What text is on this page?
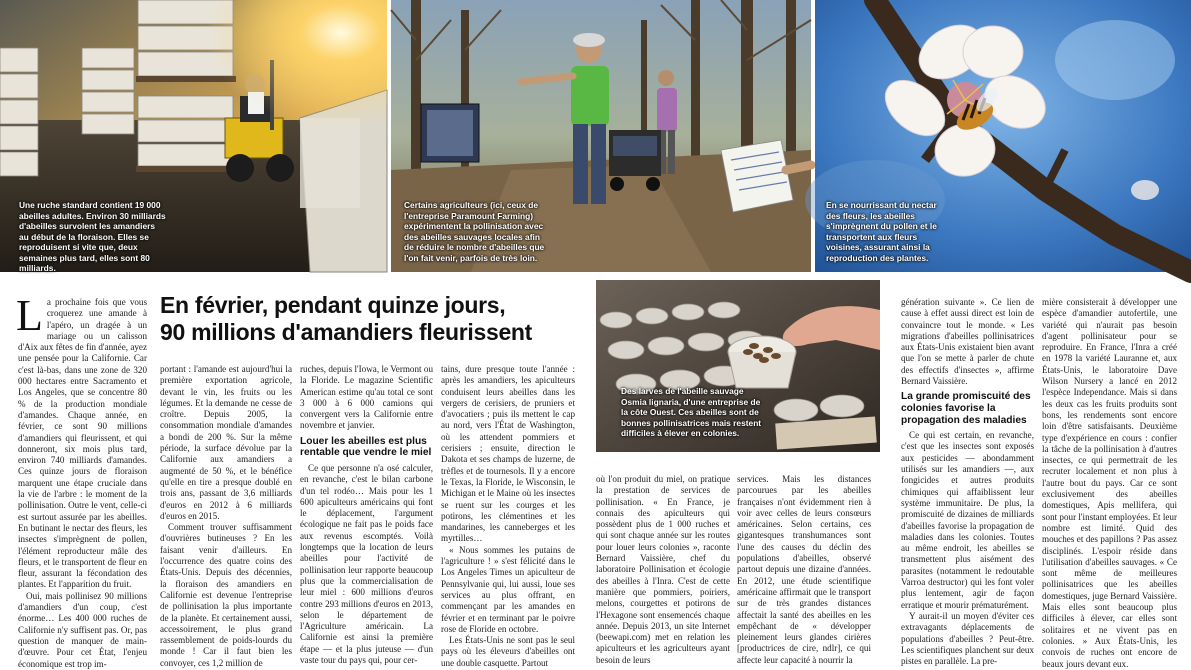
Une ruche standard contient 19 000 abeilles adultes. Environ 30 milliards d'abeilles survolent les amandiers au début de la floraison. Elles se reproduisent si vite que, deux semaines plus tard, elles sont 80 milliards.
Certains agriculteurs (ici, ceux de l'entreprise Paramount Farming) expérimentent la pollinisation avec des abeilles sauvages locales afin de réduire le nombre d'abeilles que l'on fait venir, parfois de très loin.
En se nourrissant du nectar des fleurs, les abeilles s'imprègnent du pollen et le transportent aux fleurs voisines, assurant ainsi la reproduction des plantes.
En février, pendant quinze jours,
90 millions d'amandiers fleurissent

La prochaine fois que vous croquerez une amande à l'apéro, un dragée à un mariage ou un calisson d'Aix aux fêtes de fin d'année, ayez une pensée pour la Californie. Car c'est là-bas, dans une zone de 320 000 hectares entre Sacramento et Los Angeles, que se concentre 80 % de la production mondiale d'amandes. Chaque année, en février, ce sont 90 millions d'amandiers qui fleurissent, et qui donneront, six mois plus tard, environ 740 milliards d'amandes. Ces quinze jours de floraison marquent une étape cruciale dans la vie de l'arbre : le moment de la pollinisation. Outre le vent, celle-ci est surtout assurée par les abeilles. En butinant le nectar des fleurs, les insectes s'imprègnent de pollen, l'élément reproducteur mâle des fleurs, et le transportent de fleur en fleur, assurant la fécondation des plantes. Et l'apparition du fruit.

Oui, mais pollinisez 90 millions d'amandiers d'un coup, c'est énorme… Les 400 000 ruches de Californie n'y suffisent pas. Or, pas question de manquer de main-d'œuvre. Pour cet État, l'enjeu économique est trop im-

portant : l'amande est aujourd'hui la première exportation agricole, devant le vin, les fruits ou les légumes. Et la demande ne cesse de croître. Depuis 2005, la consommation mondiale d'amandes a bondi de 200 %. Sur la même période, la surface dévolue par la Californie aux amandiers a augmenté de 50 %, et le bénéfice qu'elle en tire a presque doublé en trois ans, passant de 3,6 milliards d'euros en 2012 à 6 milliards d'euros en 2015.

Comment trouver suffisamment d'ouvrières butineuses ? En les faisant venir d'ailleurs. En l'occurrence des quatre coins des États-Unis. Depuis des décennies, la floraison des amandiers en Californie est devenue l'entreprise de pollinisation la plus importante de la planète. Et certainement aussi, accessoirement, le plus grand rassemblement de poids-lourds du monde ! Car il faut bien les convoyer, ces 1,2 million de

ruches, depuis l'Iowa, le Vermont ou la Floride. Le magazine Scientific American estime qu'au total ce sont 3 000 à 6 000 camions qui convergent vers la Californie entre novembre et janvier.

Louer les abeilles est plus rentable que vendre le miel

Ce que personne n'a osé calculer, en revanche, c'est le bilan carbone d'un tel rodéo… Mais pour les 1 600 apiculteurs américains qui font le déplacement, l'argument écologique ne fait pas le poids face aux revenus escomptés. Voilà longtemps que la location de leurs abeilles pour l'activité de pollinisation leur rapporte beaucoup plus que la commercialisation de leur miel : 600 millions d'euros contre 293 millions d'euros en 2013, selon le département de l'Agriculture américain. La Californie est ainsi la première étape — et la plus juteuse — d'un vaste tour du pays qui, pour cer-

tains, dure presque toute l'année : après les amandiers, les apiculteurs conduisent leurs abeilles dans les vergers de cerisiers, de pruniers et d'avocatiers ; puis ils mettent le cap au nord, vers l'État de Washington, où les attendent pommiers et cerisiers ; ensuite, direction le Dakota et ses champs de luzerne, de trèfles et de tournesols. Il y a encore le Texas, la Floride, le Wisconsin, le Michigan et le Maine où les insectes se ruent sur les courges et les potirons, les clémentines et les mandarines, les canneberges et les myrtilles…

« Nous sommes les putains de l'agriculture ! » s'est félicité dans le Los Angeles Times un apiculteur de Pennsylvanie qui, lui aussi, loue ses services au plus offrant, en commençant par les amandes en février et en terminant par le poivre rose de Floride en octobre.

Les États-Unis ne sont pas le seul pays où les éleveurs d'abeilles ont une double casquette. Partout

Des larves de l'abeille sauvage Osmia lignaria, d'une entreprise de la côte Ouest. Ces abeilles sont de bonnes pollinisatrices mais restent difficiles à élever en colonies.

où l'on produit du miel, on pratique la prestation de services de pollinisation. « En France, je connais des apiculteurs qui possèdent plus de 1 000 ruches et qui sont chaque année sur les routes pour louer leurs colonies », raconte Bernard Vaissière, chef du laboratoire Pollinisation et écologie des abeilles à l'Inra. C'est de cette manière que pommiers, poiriers, melons, courgettes et potirons de l'Hexagone sont ensemencés chaque année. Depuis 2013, un site Internet (beewapi.com) met en relation les apiculteurs et les agriculteurs ayant besoin de leurs

services. Mais les distances parcourues par les abeilles françaises n'ont évidemment rien à voir avec celles de leurs consœurs américaines. Selon certains, ces gigantesques transhumances sont l'une des causes du déclin des populations d'abeilles, observé partout depuis une dizaine d'années. En 2012, une étude scientifique américaine affirmait que le transport sur de très grandes distances affectait la santé des abeilles en les empêchant de « développer pleinement leurs glandes cirières [productrices de cire, ndlr], ce qui affecte leur capacité à nourrir la

génération suivante ». Ce lien de cause à effet aussi direct est loin de convaincre tout le monde. « Les migrations d'abeilles pollinisatrices aux États-Unis existaient bien avant que l'on se mette à parler de chute des effectifs d'insectes », affirme Bernard Vaissière.

La grande promiscuité des colonies favorise la propagation des maladies

Ce qui est certain, en revanche, c'est que les insectes sont exposés aux pesticides — abondamment utilisés sur les amandiers —, aux fongicides et autres produits chimiques qui affaiblissent leur système immunitaire. De plus, la promiscuité de dizaines de milliards d'abeilles favorise la propagation de maladies dans les colonies. Toutes au même endroit, les abeilles se transmettent plus aisément des parasites (notamment le redoutable Varroa destructor) qui les font voler plus lentement, agir de façon erratique et mourir prématurément.

Y aurait-il un moyen d'éviter ces extravagants déplacements de populations d'abeilles ? Peut-être. Les scientifiques planchent sur deux pistes en parallèle. La pre-

mière consisterait à développer une espèce d'amandier autofertile, une variété qui n'aurait pas besoin d'agent pollinisateur pour se reproduire. En France, l'Inra a créé en 1978 la variété Lauranne et, aux États-Unis, le laboratoire Dave Wilson Nursery a lancé en 2012 l'espèce Independance. Mais si dans les deux cas les fruits produits sont bons, les rendements sont encore loin d'être satisfaisants. Deuxième type d'expérience en cours : confier la tâche de la pollinisation à d'autres insectes, ce qui permettrait de les recruter localement et non plus à l'autre bout du pays. Car ce sont exclusivement des abeilles domestiques, Apis mellifera, qui sont pour l'instant employées. Et leur nombre est limité. Quid des mouches et des papillons ? Pas assez disciplinés. L'espoir réside dans l'utilisation d'abeilles sauvages. « Ce sont même de meilleures pollinisatrices que les abeilles domestiques, juge Bernard Vaissière. Mais elles sont beaucoup plus difficiles à élever, car elles sont solitaires et ne vivent pas en colonies. » Aux États-Unis, les convois de ruches ont encore de beaux jours devant eux.
